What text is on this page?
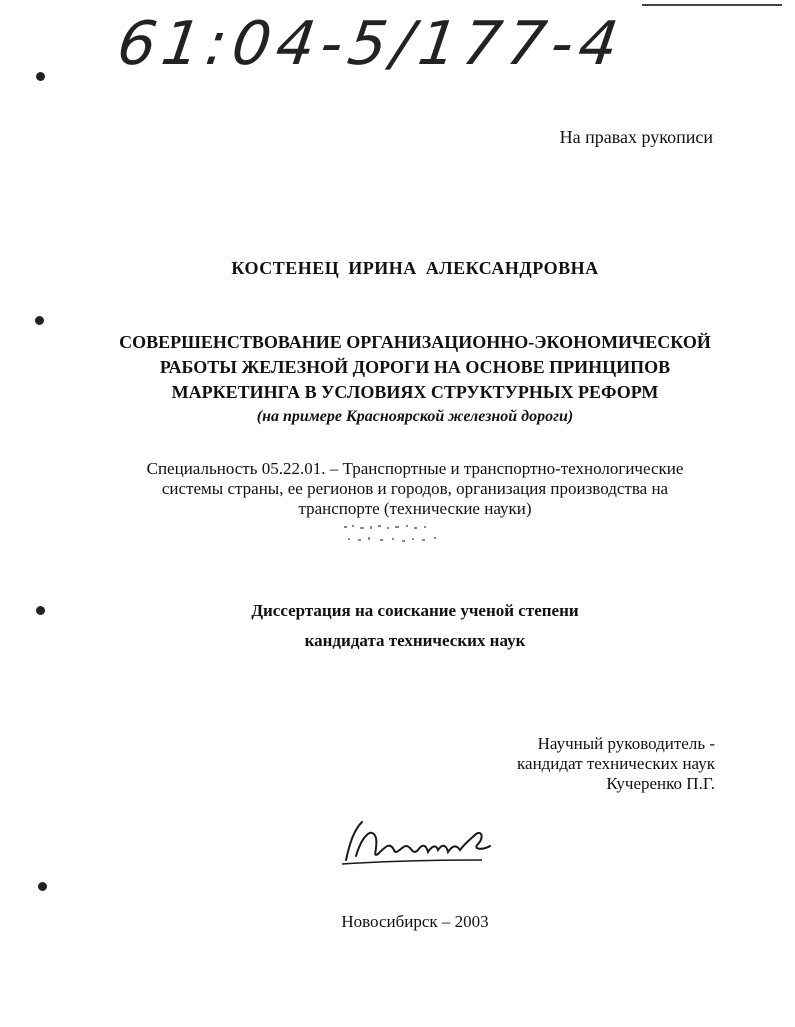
61:04-5/177-4
На правах рукописи
КОСТЕНЕЦ ИРИНА АЛЕКСАНДРОВНА
СОВЕРШЕНСТВОВАНИЕ ОРГАНИЗАЦИОННО-ЭКОНОМИЧЕСКОЙ
РАБОТЫ ЖЕЛЕЗНОЙ ДОРОГИ НА ОСНОВЕ ПРИНЦИПОВ
МАРКЕТИНГА В УСЛОВИЯХ СТРУКТУРНЫХ РЕФОРМ
(на примере Красноярской железной дороги)
Специальность 05.22.01. – Транспортные и транспортно-технологические
системы страны, ее регионов и городов, организация производства на
транспорте (технические науки)
Диссертация на соискание ученой степени
кандидата технических наук
Научный руководитель -
кандидат технических наук
Кучеренко П.Г.
Новосибирск – 2003
